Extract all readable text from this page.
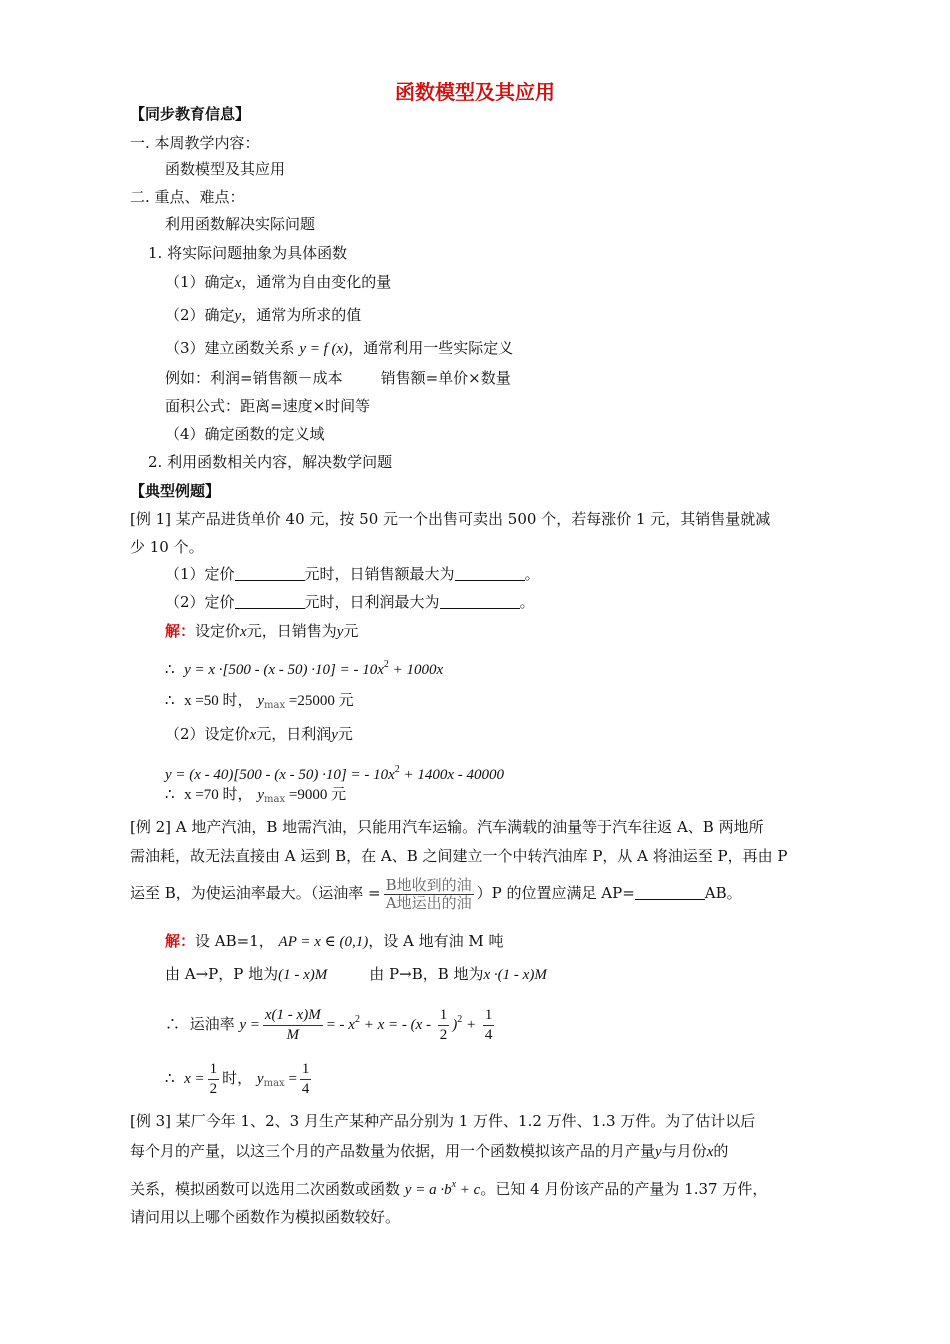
函数模型及其应用
【同步教育信息】
一. 本周教学内容：
函数模型及其应用
二. 重点、难点：
利用函数解决实际问题
1. 将实际问题抽象为具体函数
（1）确定x，通常为自由变化的量
（2）确定y，通常为所求的值
（3）建立函数关系 y = f (x)，通常利用一些实际定义
例如：利润=销售额－成本	销售额=单价×数量
面积公式：距离=速度×时间等
（4）确定函数的定义域
2. 利用函数相关内容，解决数学问题
【典型例题】
[例 1] 某产品进货单价 40 元，按 50 元一个出售可卖出 500 个，若每涨价 1 元，其销售量就减
少 10 个。
（1）定价	元时，日销售额最大为	。
（2）定价	元时，日利润最大为	。
解：设定价x元，日销售为y元
∴ y = x ·[500 - (x - 50) ·10] = - $10x^2 + 1000x$
∴ x =50 时， $y_{max} =25000$ 元
（2）设定价x元，日利润y元
y = (x - 40)[500 - (x - 50) ·10] = - $10x^2 + 1400x - 40000$
∴ x =70 时， $y_{max} =9000$ 元
[例 2] A 地产汽油，B 地需汽油，只能用汽车运输。汽车满载的油量等于汽车往返 A、B 两地所
需油耗，故无法直接由 A 运到 B，在 A、B 之间建立一个中转汽油库 P，从 A 将油运至 P，再由 P
运至 B，为使运油率最大。（运油率 = $\frac{\text{B地收到的油}}{\text{A地运出的油}} )P$ 的位置应满足 AP=	AB。
解：设 AB=1， AP = x ∈ (0,1)，设 A 地有油 M 吨
由 A→P，P 地为(1 - x)M	由 P→B，B 地为x ·(1 - x)M
∴ 运油率 $y = \frac{x(1 - x)M}{M}$ = - $x^2 + x$ = - $(x - \frac{1}{2} )^2 + \frac{1}{4}$
∴ $x = \frac{1}{2}$ 时， $y_{max} = \frac{1}{4}$
[例 3] 某厂今年 1、2、3 月生产某种产品分别为 1 万件、1.2 万件、1.3 万件。为了估计以后
每个月的产量，以这三个月的产品数量为依据，用一个函数模拟该产品的月产量y与月份x的
关系，模拟函数可以选用二次函数或函数 $y = a \cdot b^x + c$。已知 4 月份该产品的产量为 1.37 万件，
请问用以上哪个函数作为模拟函数较好。
